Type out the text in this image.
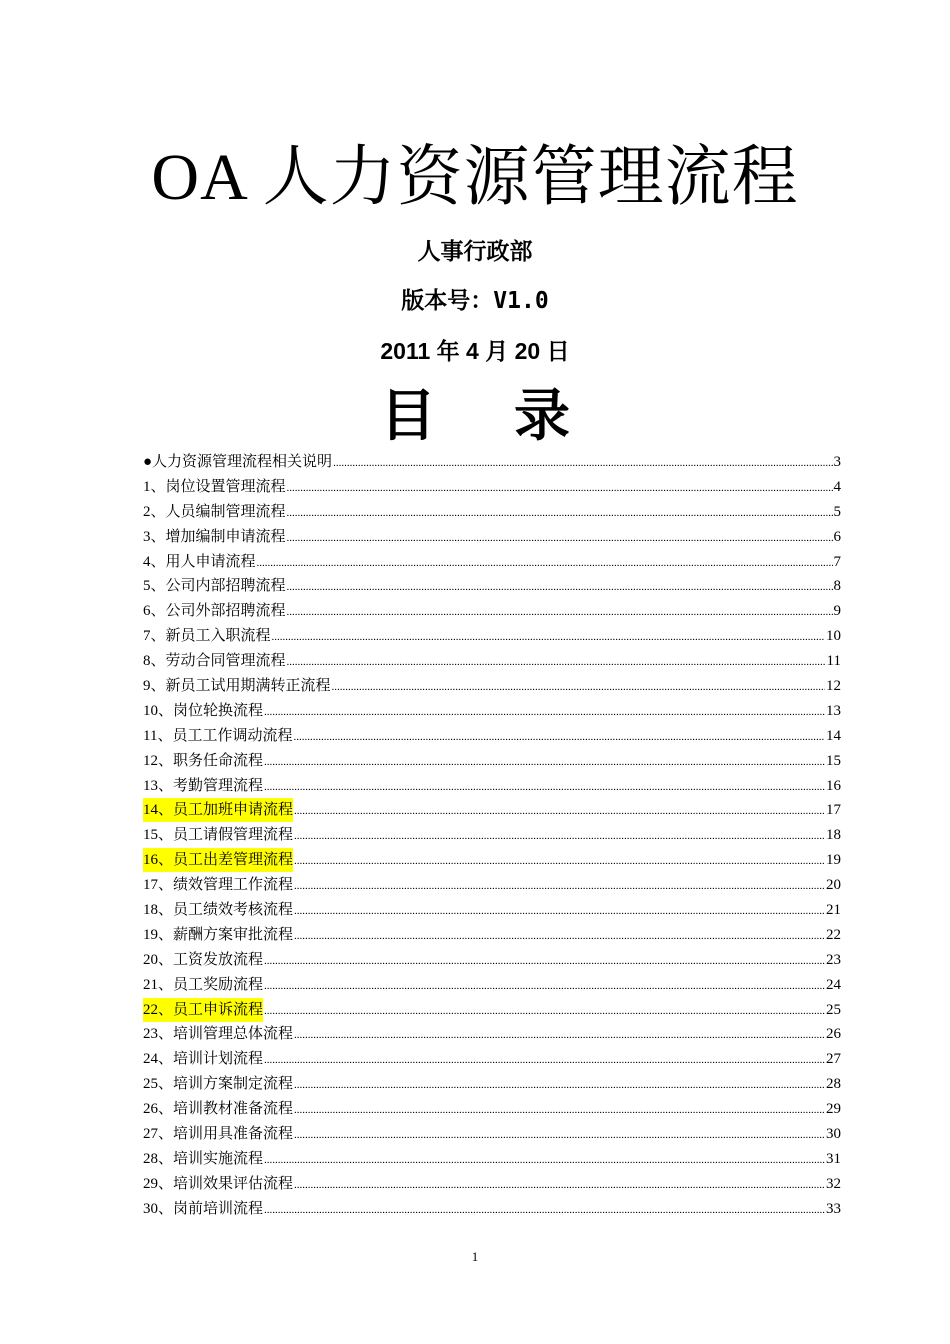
OA 人力资源管理流程
人事行政部
版本号：V1.0
2011 年 4 月 20 日
目    录
●人力资源管理流程相关说明 .....	3
1、岗位设置管理流程 .....	4
2、人员编制管理流程 .....	5
3、增加编制申请流程 .....	6
4、用人申请流程 .....	7
5、公司内部招聘流程 .....	8
6、公司外部招聘流程 .....	9
7、新员工入职流程 .....	10
8、劳动合同管理流程 .....	11
9、新员工试用期满转正流程 .....	12
10、岗位轮换流程 .....	13
11、员工工作调动流程 .....	14
12、职务任命流程 .....	15
13、考勤管理流程 .....	16
14、员工加班申请流程 .....	17
15、员工请假管理流程 .....	18
16、员工出差管理流程 .....	19
17、绩效管理工作流程 .....	20
18、员工绩效考核流程 .....	21
19、薪酬方案审批流程 .....	22
20、工资发放流程 .....	23
21、员工奖励流程 .....	24
22、员工申诉流程 .....	25
23、培训管理总体流程 .....	26
24、培训计划流程 .....	27
25、培训方案制定流程 .....	28
26、培训教材准备流程 .....	29
27、培训用具准备流程 .....	30
28、培训实施流程 .....	31
29、培训效果评估流程 .....	32
30、岗前培训流程 .....	33
1
